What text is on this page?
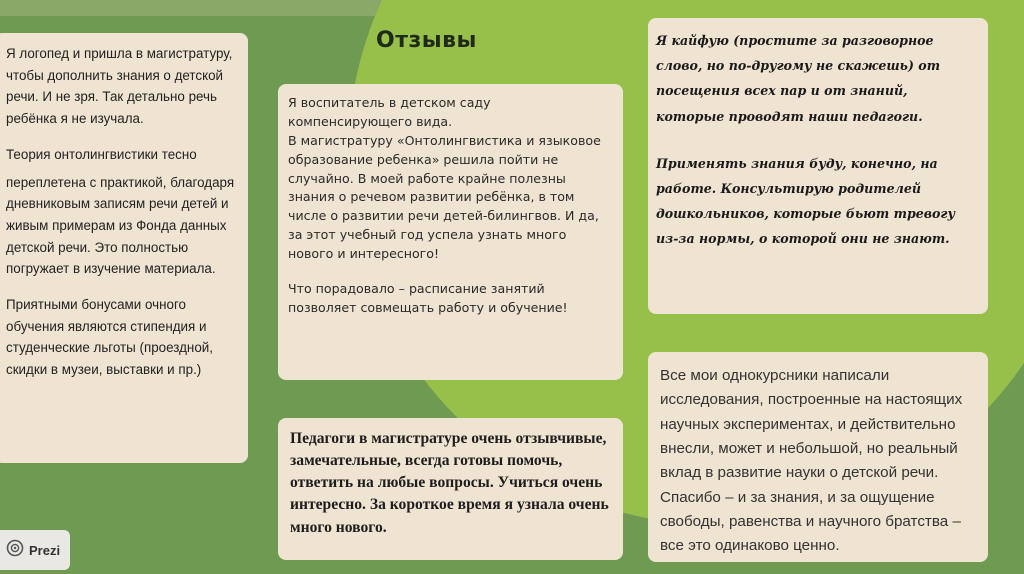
Отзывы

Я логопед и пришла в магистратуру, чтобы дополнить знания о детской речи. И не зря. Так детально речь ребёнка я не изучала.

Теория онтолингвистики тесно

переплетена с практикой, благодаря дневниковым записям речи детей и живым примерам из Фонда данных детской речи. Это полностью погружает в изучение материала.

Приятными бонусами очного обучения являются стипендия и студенческие льготы (проездной, скидки в музеи, выставки и пр.)

Я воспитатель в детском саду компенсирующего вида.

В магистратуру «Онтолингвистика и языковое образование ребенка» решила пойти не случайно. В моей работе крайне полезны знания о речевом развитии ребёнка, в том числе о развитии речи детей-билингвов. И да, за этот учебный год успела узнать много нового и интересного!

Что порадовало – расписание занятий позволяет совмещать работу и обучение!

Педагоги в магистратуре очень отзывчивые, замечательные, всегда готовы помочь, ответить на любые вопросы. Учиться очень интересно. За короткое время я узнала очень много нового.

Я кайфую (простите за разговорное слово, но по-другому не скажешь) от посещения всех пар и от знаний, которые проводят наши педагоги.

Применять знания буду, конечно, на работе. Консультирую родителей дошкольников, которые бьют тревогу из-за нормы, о которой они не знают.

Все мои однокурсники написали исследования, построенные на настоящих научных экспериментах, и действительно внесли, может и небольшой, но реальный вклад в развитие науки о детской речи. Спасибо – и за знания, и за ощущение свободы, равенства и научного братства – все это одинаково ценно.

Prezi
